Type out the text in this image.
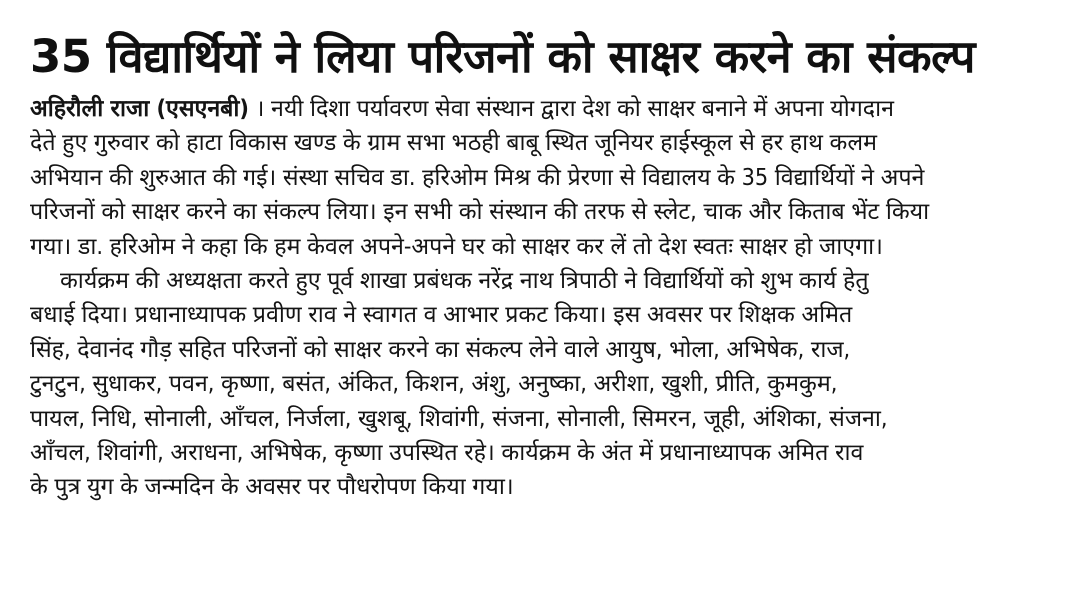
35 विद्यार्थियों ने लिया परिजनों को साक्षर करने का संकल्प
अहिरौली राजा (एसएनबी) । नयी दिशा पर्यावरण सेवा संस्थान द्वारा देश को साक्षर बनाने में अपना योगदान
देते हुए गुरुवार को हाटा विकास खण्ड के ग्राम सभा भठही बाबू स्थित जूनियर हाईस्कूल से हर हाथ कलम
अभियान की शुरुआत की गई। संस्था सचिव डा. हरिओम मिश्र की प्रेरणा से विद्यालय के 35 विद्यार्थियों ने अपने
परिजनों को साक्षर करने का संकल्प लिया। इन सभी को संस्थान की तरफ से स्लेट, चाक और किताब भेंट किया
गया। डा. हरिओम ने कहा कि हम केवल अपने-अपने घर को साक्षर कर लें तो देश स्वतः साक्षर हो जाएगा।
कार्यक्रम की अध्यक्षता करते हुए पूर्व शाखा प्रबंधक नरेंद्र नाथ त्रिपाठी ने विद्यार्थियों को शुभ कार्य हेतु
बधाई दिया। प्रधानाध्यापक प्रवीण राव ने स्वागत व आभार प्रकट किया। इस अवसर पर शिक्षक अमित
सिंह, देवानंद गौड़ सहित परिजनों को साक्षर करने का संकल्प लेने वाले आयुष, भोला, अभिषेक, राज,
टुनटुन, सुधाकर, पवन, कृष्णा, बसंत, अंकित, किशन, अंशु, अनुष्का, अरीशा, खुशी, प्रीति, कुमकुम,
पायल, निधि, सोनाली, आँचल, निर्जला, खुशबू, शिवांगी, संजना, सोनाली, सिमरन, जूही, अंशिका, संजना,
आँचल, शिवांगी, अराधना, अभिषेक, कृष्णा उपस्थित रहे। कार्यक्रम के अंत में प्रधानाध्यापक अमित राव
के पुत्र युग के जन्मदिन के अवसर पर पौधरोपण किया गया।
